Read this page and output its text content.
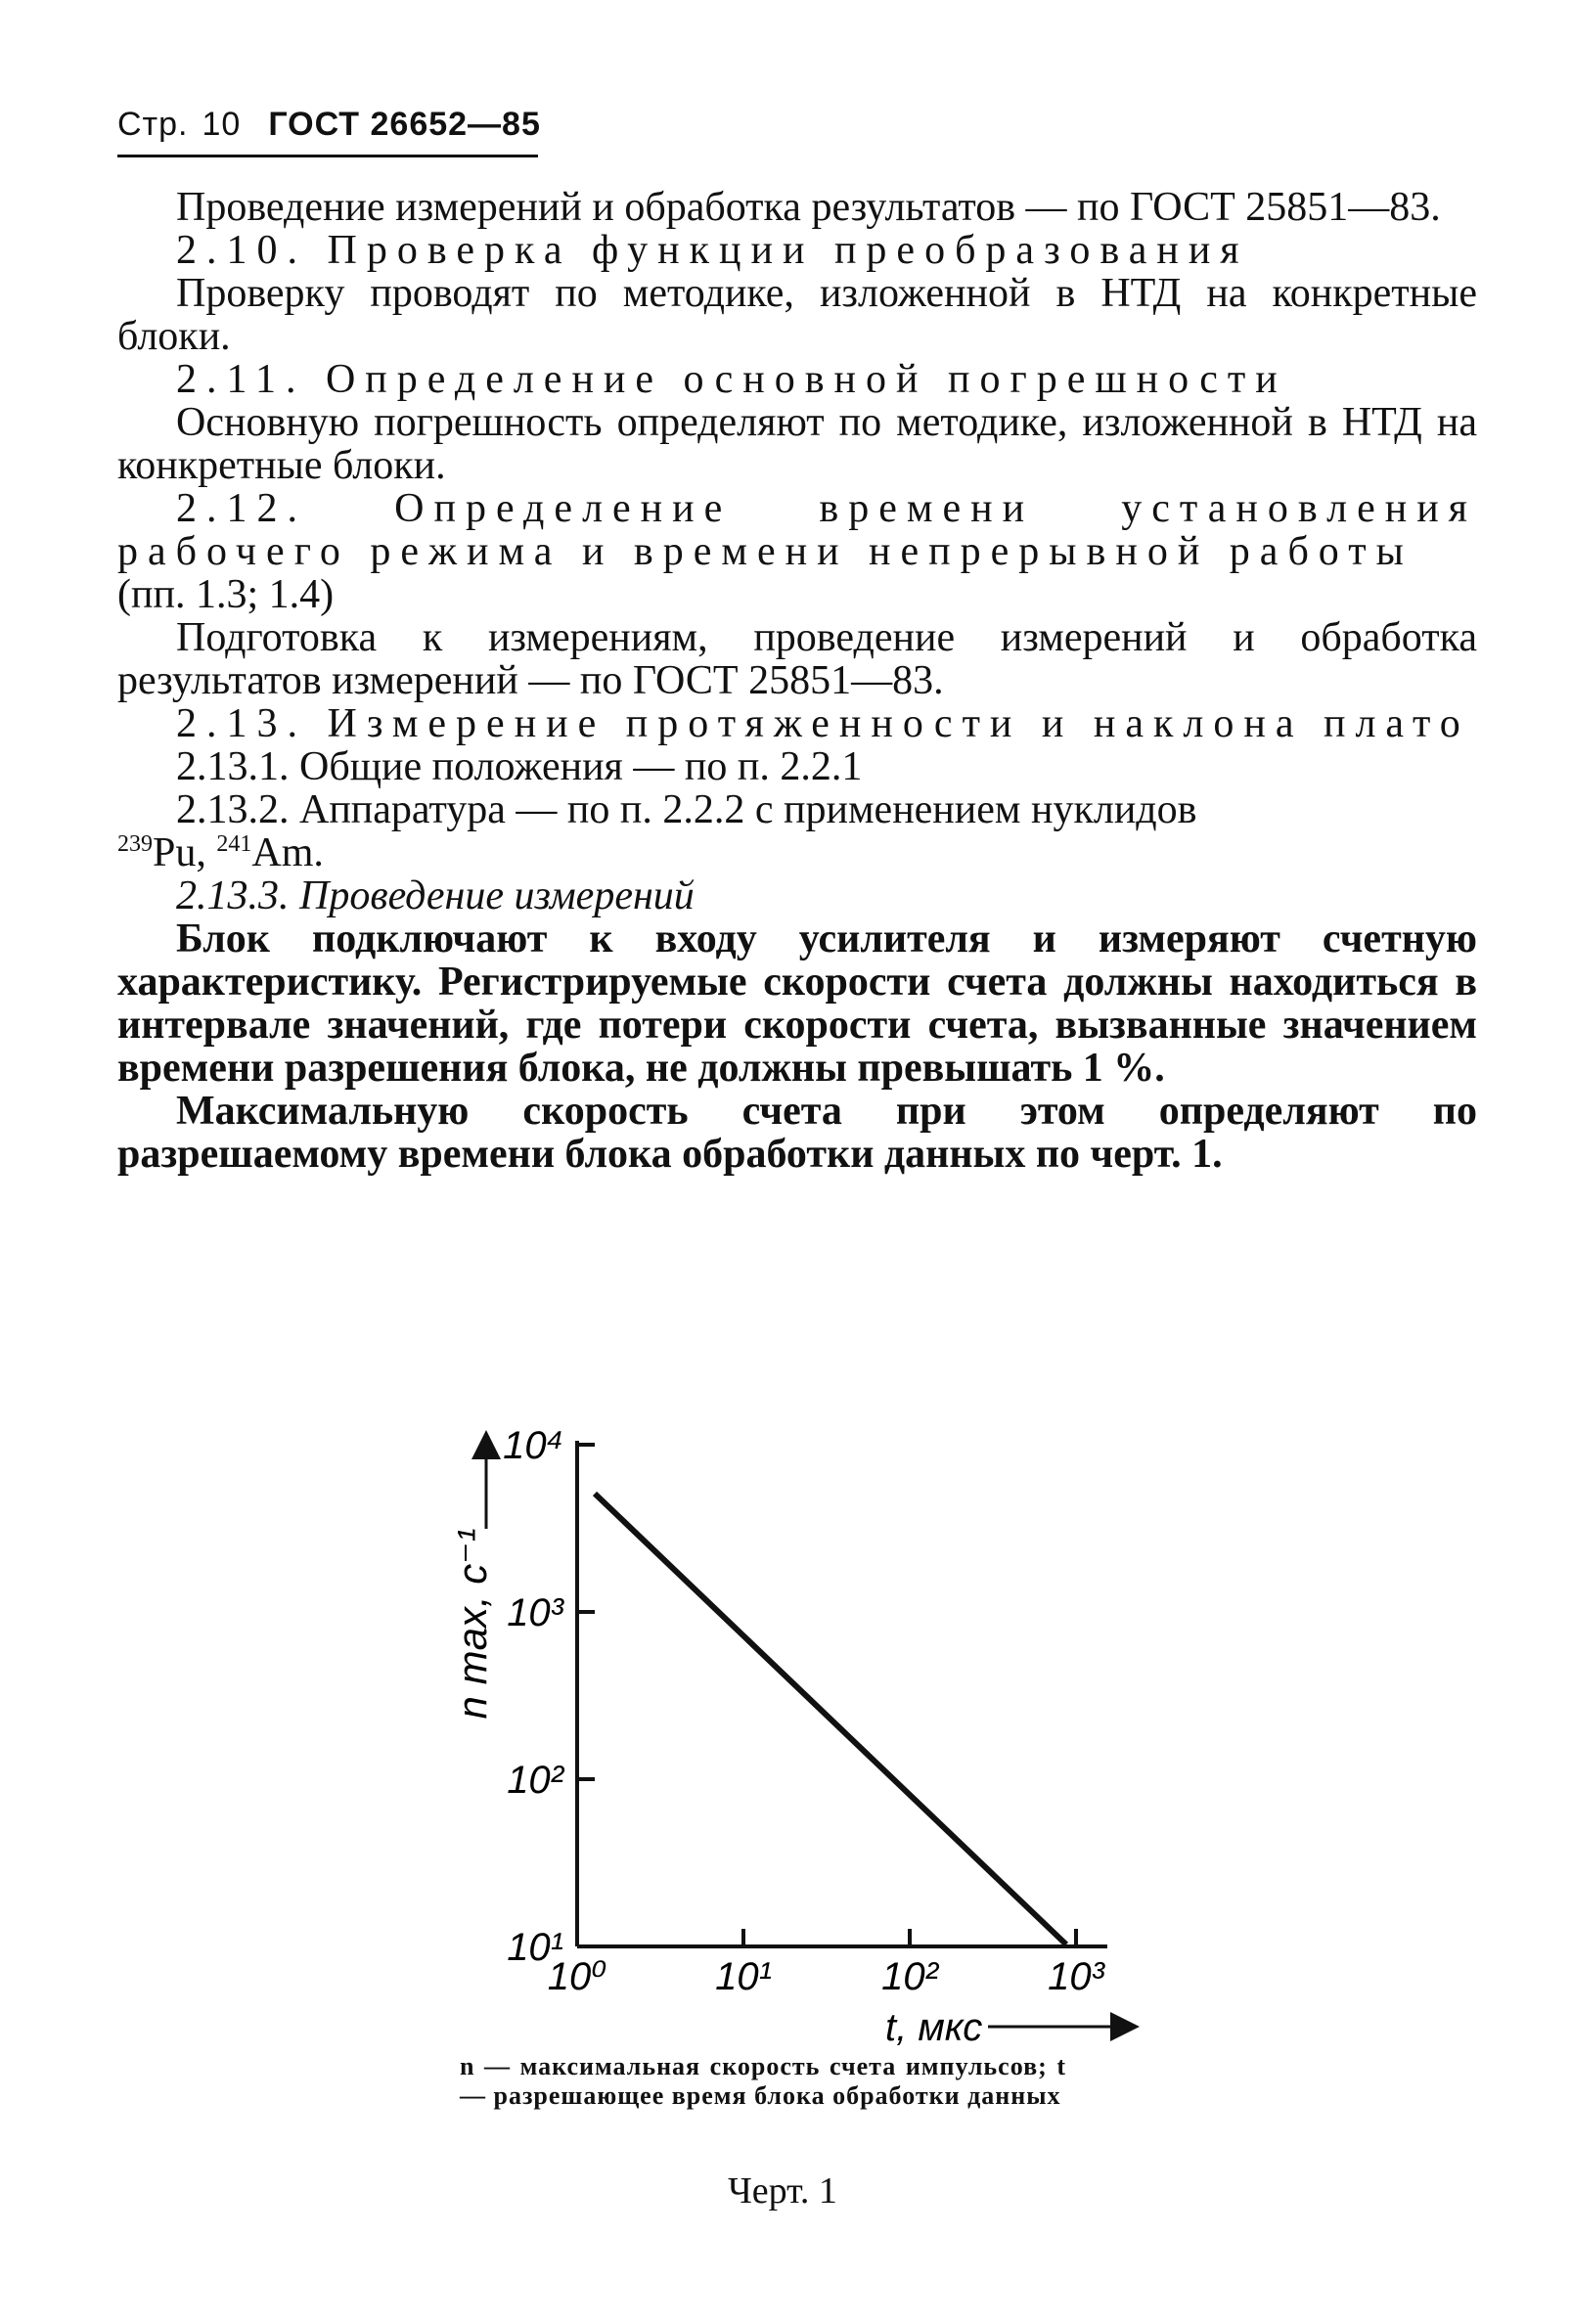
Стр. 10 ГОСТ 26652—85

Проведение измерений и обработка результатов — по ГОСТ 25851—83.

2.10. Проверка функции преобразования

Проверку проводят по методике, изложенной в НТД на конкретные блоки.

2.11. Определение основной погрешности

Основную погрешность определяют по методике, изложенной в НТД на конкретные блоки.

2.12. Определение времени установления рабочего режима и времени непрерывной работы

(пп. 1.3; 1.4)

Подготовка к измерениям, проведение измерений и обработка результатов измерений — по ГОСТ 25851—83.

2.13. Измерение протяженности и наклона плато

2.13.1. Общие положения — по п. 2.2.1

2.13.2. Аппаратура — по п. 2.2.2 с применением нуклидов

$^{239}$Pu, $^{241}$Am.

2.13.3. Проведение измерений

Блок подключают к входу усилителя и измеряют счетную характеристику. Регистрируемые скорости счета должны находиться в интервале значений, где потери скорости счета, вызванные значением времени разрешения блока, не должны превышать 1 %.

Максимальную скорость счета при этом определяют по разрешаемому времени блока обработки данных по черт. 1.

10¹
10²
10³
10⁴
10⁰	10¹	10²	10³
n max, с⁻¹
t, мкс
n — максимальная скорость счета импульсов; t — разрешающее время блока обработки данных
Черт. 1
